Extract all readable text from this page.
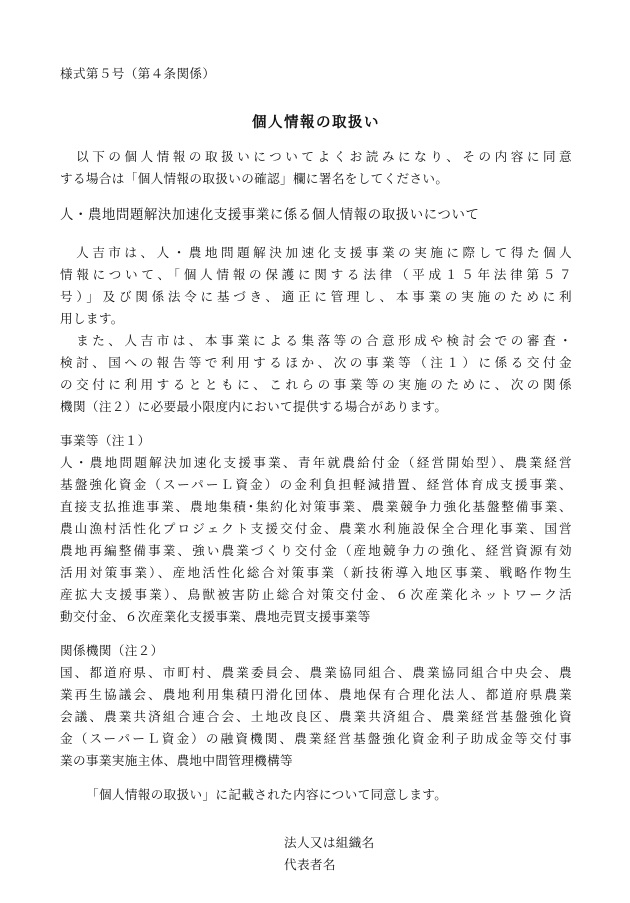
様式第５号（第４条関係）
個人情報の取扱い
　以下の個人情報の取扱いについてよくお読みになり、その内容に同意
する場合は「個人情報の取扱いの確認」欄に署名をしてください。
人・農地問題解決加速化支援事業に係る個人情報の取扱いについて
　人吉市は、人・農地問題解決加速化支援事業の実施に際して得た個人
情報について、「個人情報の保護に関する法律（平成１５年法律第５７
号）」及び関係法令に基づき、適正に管理し、本事業の実施のために利
用します。
　また、人吉市は、本事業による集落等の合意形成や検討会での審査・
検討、国への報告等で利用するほか、次の事業等（注１）に係る交付金
の交付に利用するとともに、これらの事業等の実施のために、次の関係
機関（注２）に必要最小限度内において提供する場合があります。
事業等（注１）
人・農地問題解決加速化支援事業、青年就農給付金（経営開始型）、農業経営
基盤強化資金（スーパーＬ資金）の金利負担軽減措置、経営体育成支援事業、
直接支払推進事業、農地集積･集約化対策事業、農業競争力強化基盤整備事業、
農山漁村活性化プロジェクト支援交付金、農業水利施設保全合理化事業、国営
農地再編整備事業、強い農業づくり交付金（産地競争力の強化、経営資源有効
活用対策事業）、産地活性化総合対策事業（新技術導入地区事業、戦略作物生
産拡大支援事業）、鳥獣被害防止総合対策交付金、６次産業化ネットワーク活
動交付金、６次産業化支援事業、農地売買支援事業等
関係機関（注２）
国、都道府県、市町村、農業委員会、農業協同組合、農業協同組合中央会、農
業再生協議会、農地利用集積円滑化団体、農地保有合理化法人、都道府県農業
会議、農業共済組合連合会、土地改良区、農業共済組合、農業経営基盤強化資
金（スーパーＬ資金）の融資機関、農業経営基盤強化資金利子助成金等交付事
業の事業実施主体、農地中間管理機構等
「個人情報の取扱い」に記載された内容について同意します。
法人又は組織名
代表者名
